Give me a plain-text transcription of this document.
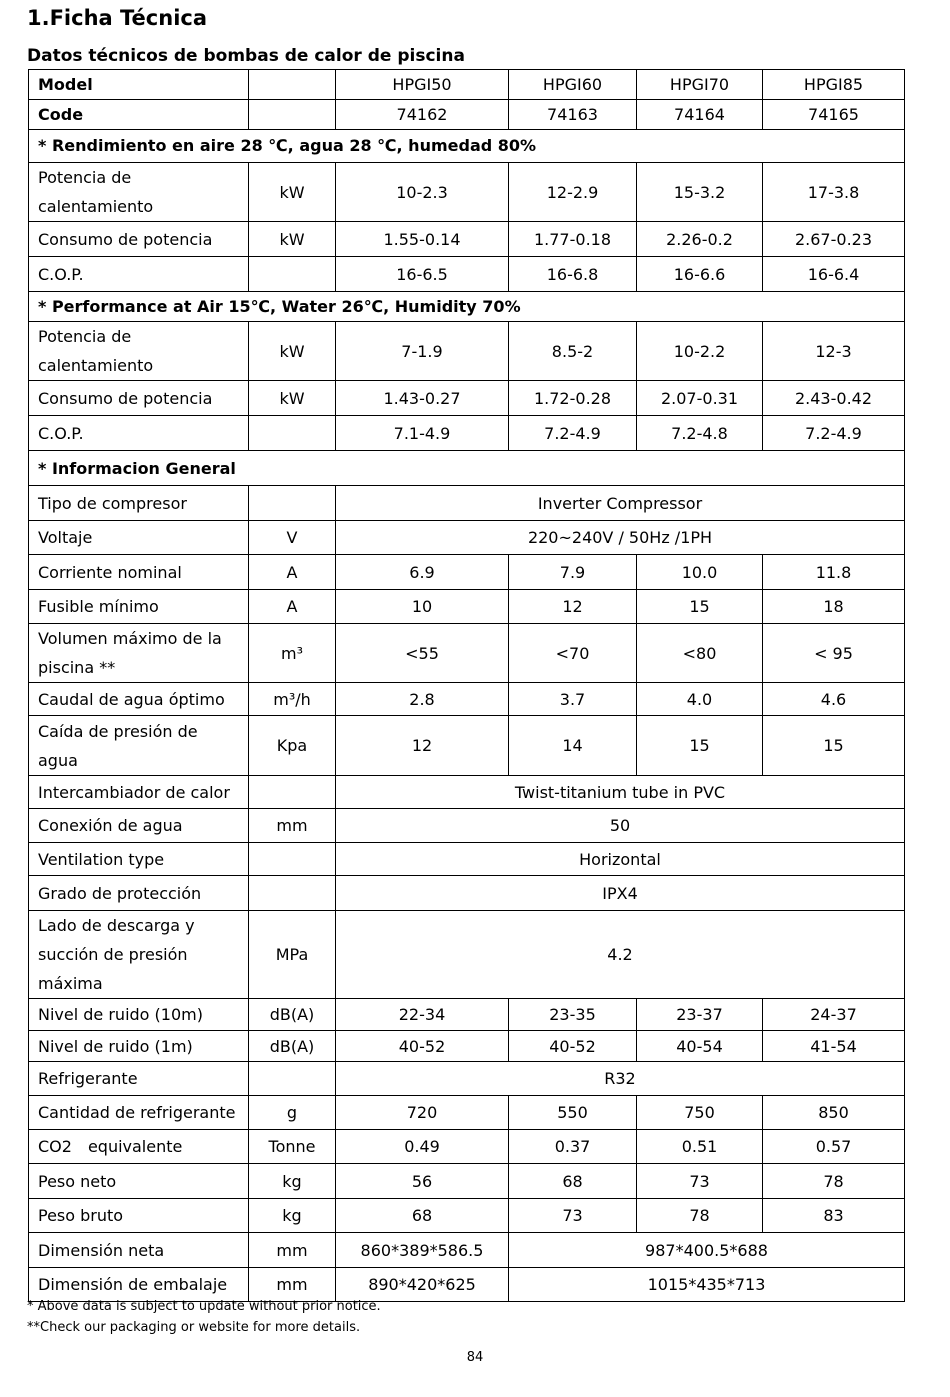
1.Ficha Técnica
Datos técnicos de bombas de calor de piscina
Model		HPGI50	HPGI60	HPGI70	HPGI85
Code		74162	74163	74164	74165
* Rendimiento en aire 28 ℃, agua 28 ℃, humedad 80%					
Potencia de calentamiento	kW	10-2.3	12-2.9	15-3.2	17-3.8
Consumo de potencia	kW	1.55-0.14	1.77-0.18	2.26-0.2	2.67-0.23
C.O.P.		16-6.5	16-6.8	16-6.6	16-6.4
* Performance at Air 15℃, Water 26℃, Humidity 70%					
Potencia de calentamiento	kW	7-1.9	8.5-2	10-2.2	12-3
Consumo de potencia	kW	1.43-0.27	1.72-0.28	2.07-0.31	2.43-0.42
C.O.P.		7.1-4.9	7.2-4.9	7.2-4.8	7.2-4.9
* Informacion General					
Tipo de compresor		Inverter Compressor			
Voltaje	V	220~240V / 50Hz /1PH			
Corriente nominal	A	6.9	7.9	10.0	11.8
Fusible mínimo	A	10	12	15	18
Volumen máximo de la piscina **	m³	<55	<70	<80	< 95
Caudal de agua óptimo	m³/h	2.8	3.7	4.0	4.6
Caída de presión de agua	Kpa	12	14	15	15
Intercambiador de calor		Twist-titanium tube in PVC			
Conexión de agua	mm	50			
Ventilation type		Horizontal			
Grado de protección		IPX4			
Lado de descarga y succión de presión máxima	MPa	4.2			
Nivel de ruido (10m)	dB(A)	22-34	23-35	23-37	24-37
Nivel de ruido (1m)	dB(A)	40-52	40-52	40-54	41-54
Refrigerante		R32			
Cantidad de refrigerante	g	720	550	750	850
CO2 equivalente	Tonne	0.49	0.37	0.51	0.57
Peso neto	kg	56	68	73	78
Peso bruto	kg	68	73	78	83
Dimensión neta	mm	860*389*586.5	987*400.5*688		
Dimensión de embalaje	mm	890*420*625	1015*435*713		
* Above data is subject to update without prior notice.
**Check our packaging or website for more details.
84
